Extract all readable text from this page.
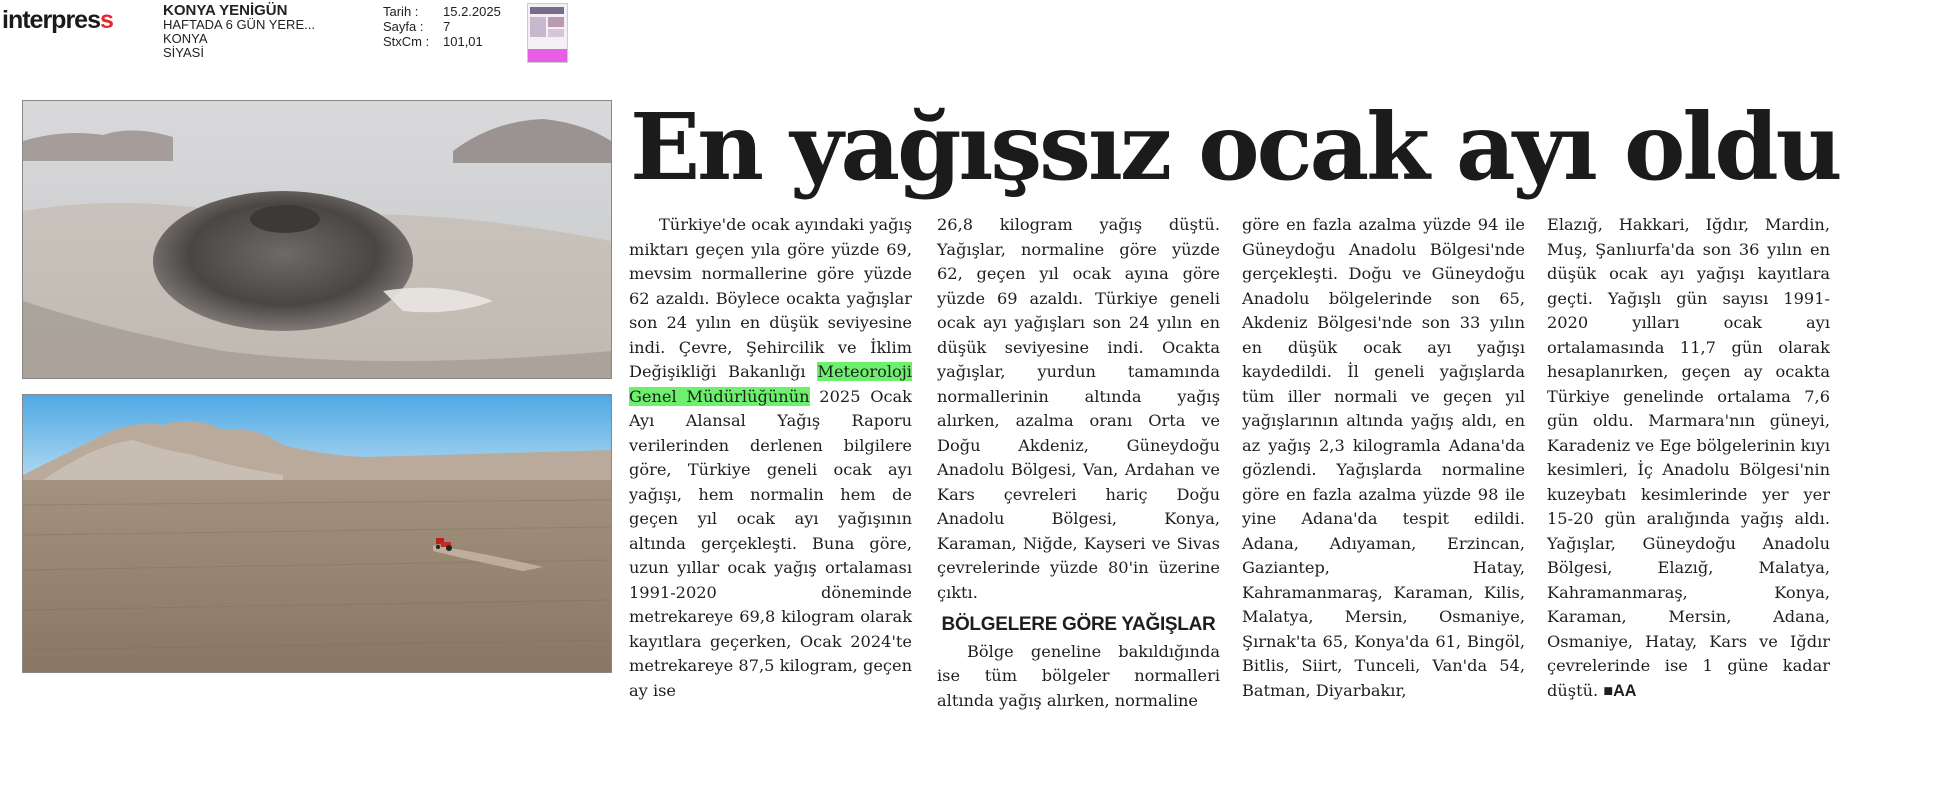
interpress	KONYA YENİGÜN
HAFTADA 6 GÜN YERE...
KONYA
SİYASİ
Tarih :	15.2.2025
Sayfa :	7
StxCm :	101,01
En yağışsız ocak ayı oldu

Türkiye'de ocak ayındaki yağış miktarı geçen yıla göre yüzde 69, mevsim normallerine göre yüzde 62 azaldı. Böylece ocakta yağışlar son 24 yılın en düşük seviyesine indi. Çevre, Şehircilik ve İklim Değişikliği Bakanlığı Meteoroloji Genel Müdürlüğünün 2025 Ocak Ayı Alansal Yağış Raporu verilerinden derlenen bilgilere göre, Türkiye geneli ocak ayı yağışı, hem normalin hem de geçen yıl ocak ayı yağışının altında gerçekleşti. Buna göre, uzun yıllar ocak yağış ortalaması 1991-2020 döneminde metrekareye 69,8 kilogram olarak kayıtlara geçerken, Ocak 2024'te metrekareye 87,5 kilogram, geçen ay ise

26,8 kilogram yağış düştü. Yağışlar, normaline göre yüzde 62, geçen yıl ocak ayına göre yüzde 69 azaldı. Türkiye geneli ocak ayı yağışları son 24 yılın en düşük seviyesine indi. Ocakta yağışlar, yurdun tamamında normallerinin altında yağış alırken, azalma oranı Orta ve Doğu Akdeniz, Güneydoğu Anadolu Bölgesi, Van, Ardahan ve Kars çevreleri hariç Doğu Anadolu Bölgesi, Konya, Karaman, Niğde, Kayseri ve Sivas çevrelerinde yüzde 80'in üzerine çıktı.

BÖLGELERE GÖRE YAĞIŞLAR

Bölge geneline bakıldığında ise tüm bölgeler normalleri altında yağış alırken, normaline

göre en fazla azalma yüzde 94 ile Güneydoğu Anadolu Bölgesi'nde gerçekleşti. Doğu ve Güneydoğu Anadolu bölgelerinde son 65, Akdeniz Bölgesi'nde son 33 yılın en düşük ocak ayı yağışı kaydedildi. İl geneli yağışlarda tüm iller normali ve geçen yıl yağışlarının altında yağış aldı, en az yağış 2,3 kilogramla Adana'da gözlendi. Yağışlarda normaline göre en fazla azalma yüzde 98 ile yine Adana'da tespit edildi. Adana, Adıyaman, Erzincan, Gaziantep, Hatay, Kahramanmaraş, Karaman, Kilis, Malatya, Mersin, Osmaniye, Şırnak'ta 65, Konya'da 61, Bingöl, Bitlis, Siirt, Tunceli, Van'da 54, Batman, Diyarbakır,

Elazığ, Hakkari, Iğdır, Mardin, Muş, Şanlıurfa'da son 36 yılın en düşük ocak ayı yağışı kayıtlara geçti. Yağışlı gün sayısı 1991-2020 yılları ocak ayı ortalamasında 11,7 gün olarak hesaplanırken, geçen ay ocakta Türkiye genelinde ortalama 7,6 gün oldu. Marmara'nın güneyi, Karadeniz ve Ege bölgelerinin kıyı kesimleri, İç Anadolu Bölgesi'nin kuzeybatı kesimlerinde yer yer 15-20 gün aralığında yağış aldı. Yağışlar, Güneydoğu Anadolu Bölgesi, Elazığ, Malatya, Kahramanmaraş, Konya, Karaman, Mersin, Adana, Osmaniye, Hatay, Kars ve Iğdır çevrelerinde ise 1 güne kadar düştü. ■AA
